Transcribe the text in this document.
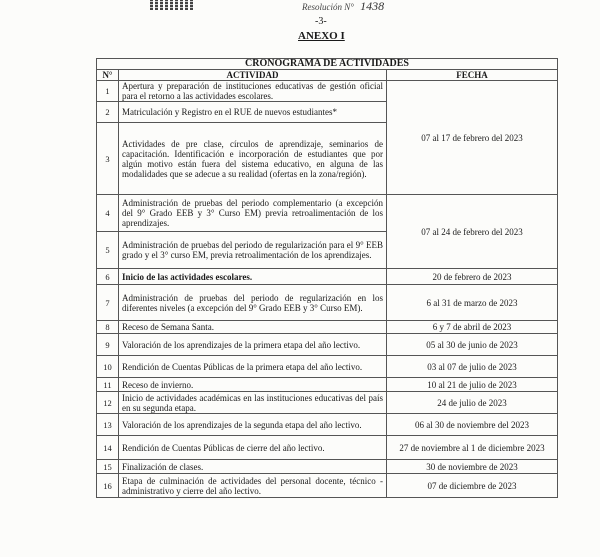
Resolución N° 1438
-3-
ANEXO I
CRONOGRAMA DE ACTIVIDADES		
N°	ACTIVIDAD	FECHA
1	Apertura y preparación de instituciones educativas de gestión oficial para el retorno a las actividades escolares.	07 al 17 de febrero del 2023
2	Matriculación y Registro en el RUE de nuevos estudiantes*	
3	Actividades de pre clase, círculos de aprendizaje, seminarios de capacitación. Identificación e incorporación de estudiantes que por algún motivo están fuera del sistema educativo, en alguna de las modalidades que se adecue a su realidad (ofertas en la zona/región).	
4	Administración de pruebas del periodo complementario (a excepción del 9° Grado EEB y 3° Curso EM) previa retroalimentación de los aprendizajes.	07 al 24 de febrero del 2023
5	Administración de pruebas del periodo de regularización para el 9° EEB grado y el 3° curso EM, previa retroalimentación de los aprendizajes.	
6	Inicio de las actividades escolares.	20 de febrero de 2023
7	Administración de pruebas del periodo de regularización en los diferentes niveles (a excepción del 9° Grado EEB y 3° Curso EM).	6 al 31 de marzo de 2023
8	Receso de Semana Santa.	6 y 7 de abril de 2023
9	Valoración de los aprendizajes de la primera etapa del año lectivo.	05 al 30 de junio de 2023
10	Rendición de Cuentas Públicas de la primera etapa del año lectivo.	03 al 07 de julio de 2023
11	Receso de invierno.	10 al 21 de julio de 2023
12	Inicio de actividades académicas en las instituciones educativas del país en su segunda etapa.	24 de julio de 2023
13	Valoración de los aprendizajes de la segunda etapa del año lectivo.	06 al 30 de noviembre del 2023
14	Rendición de Cuentas Públicas de cierre del año lectivo.	27 de noviembre al 1 de diciembre 2023
15	Finalización de clases.	30 de noviembre de 2023
16	Etapa de culminación de actividades del personal docente, técnico - administrativo y cierre del año lectivo.	07 de diciembre de 2023
